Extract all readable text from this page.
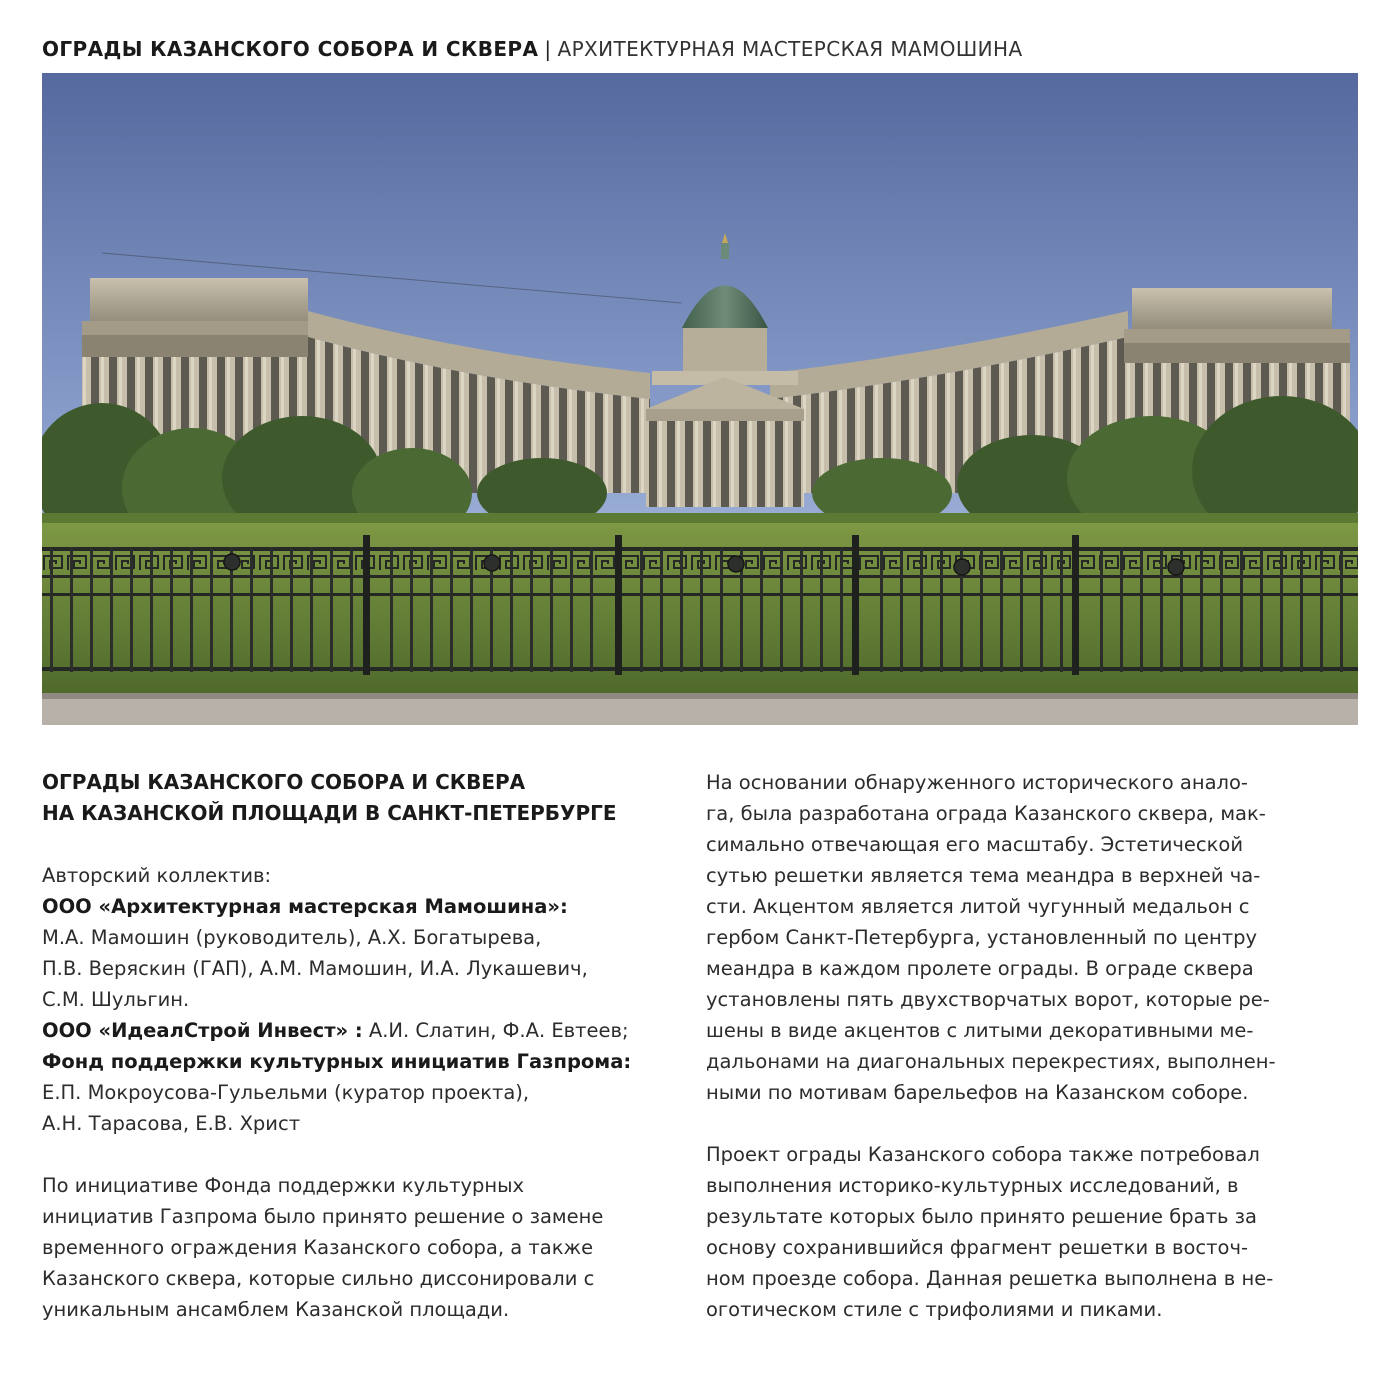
ОГРАДЫ КАЗАНСКОГО СОБОРА И СКВЕРА | АРХИТЕКТУРНАЯ МАСТЕРСКАЯ МАМОШИНА
ОГРАДЫ КАЗАНСКОГО СОБОРА И СКВЕРА
НА КАЗАНСКОЙ ПЛОЩАДИ В САНКТ-ПЕТЕРБУРГЕ
Авторский коллектив:
ООО «Архитектурная мастерская Мамошина»:
М.А. Мамошин (руководитель), А.Х. Богатырева,
П.В. Веряскин (ГАП), А.М. Мамошин, И.А. Лукашевич,
С.М. Шульгин.
ООО «ИдеалСтрой Инвест» : А.И. Слатин, Ф.А. Евтеев;
Фонд поддержки культурных инициатив Газпрома:
Е.П. Мокроусова-Гульельми (куратор проекта),
А.Н. Тарасова, Е.В. Христ
По инициативе Фонда поддержки культурных
инициатив Газпрома было принято решение о замене
временного ограждения Казанского собора, а также
Казанского сквера, которые сильно диссонировали с
уникальным ансамблем Казанской площади.
На основании обнаруженного исторического анало-
га, была разработана ограда Казанского сквера, мак-
симально отвечающая его масштабу. Эстетической
сутью решетки является тема меандра в верхней ча-
сти. Акцентом является литой чугунный медальон с
гербом Санкт-Петербурга, установленный по центру
меандра в каждом пролете ограды. В ограде сквера
установлены пять двухстворчатых ворот, которые ре-
шены в виде акцентов с литыми декоративными ме-
дальонами на диагональных перекрестиях, выполнен-
ными по мотивам барельефов на Казанском соборе.
Проект ограды Казанского собора также потребовал
выполнения историко-культурных исследований, в
результате которых было принято решение брать за
основу сохранившийся фрагмент решетки в восточ-
ном проезде собора. Данная решетка выполнена в не-
оготическом стиле с трифолиями и пиками.
